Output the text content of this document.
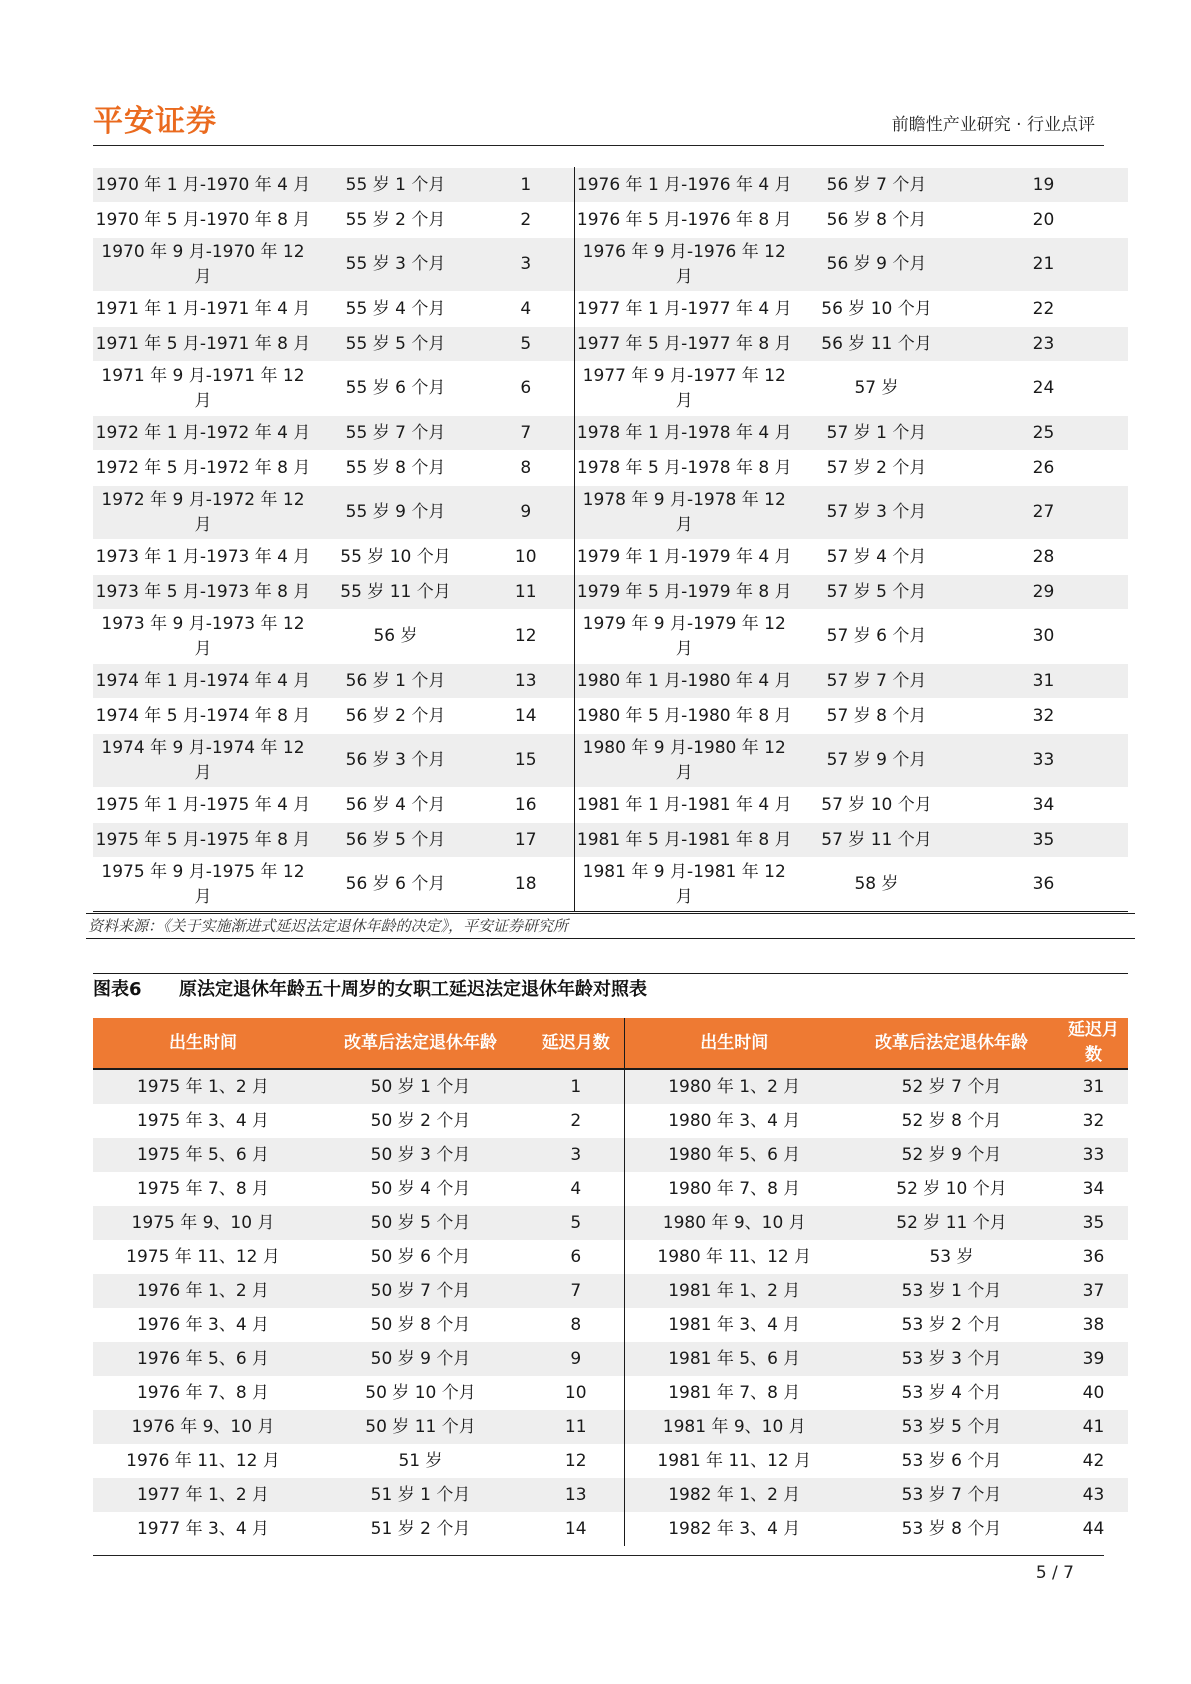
平安证券	前瞻性产业研究 · 行业点评
1970 年 1 月-1970 年 4 月	55 岁 1 个月	1	1976 年 1 月-1976 年 4 月	56 岁 7 个月	19
1970 年 5 月-1970 年 8 月	55 岁 2 个月	2	1976 年 5 月-1976 年 8 月	56 岁 8 个月	20
1970 年 9 月-1970 年 12 月	55 岁 3 个月	3	1976 年 9 月-1976 年 12 月	56 岁 9 个月	21
1971 年 1 月-1971 年 4 月	55 岁 4 个月	4	1977 年 1 月-1977 年 4 月	56 岁 10 个月	22
1971 年 5 月-1971 年 8 月	55 岁 5 个月	5	1977 年 5 月-1977 年 8 月	56 岁 11 个月	23
1971 年 9 月-1971 年 12 月	55 岁 6 个月	6	1977 年 9 月-1977 年 12 月	57 岁	24
1972 年 1 月-1972 年 4 月	55 岁 7 个月	7	1978 年 1 月-1978 年 4 月	57 岁 1 个月	25
1972 年 5 月-1972 年 8 月	55 岁 8 个月	8	1978 年 5 月-1978 年 8 月	57 岁 2 个月	26
1972 年 9 月-1972 年 12 月	55 岁 9 个月	9	1978 年 9 月-1978 年 12 月	57 岁 3 个月	27
1973 年 1 月-1973 年 4 月	55 岁 10 个月	10	1979 年 1 月-1979 年 4 月	57 岁 4 个月	28
1973 年 5 月-1973 年 8 月	55 岁 11 个月	11	1979 年 5 月-1979 年 8 月	57 岁 5 个月	29
1973 年 9 月-1973 年 12 月	56 岁	12	1979 年 9 月-1979 年 12 月	57 岁 6 个月	30
1974 年 1 月-1974 年 4 月	56 岁 1 个月	13	1980 年 1 月-1980 年 4 月	57 岁 7 个月	31
1974 年 5 月-1974 年 8 月	56 岁 2 个月	14	1980 年 5 月-1980 年 8 月	57 岁 8 个月	32
1974 年 9 月-1974 年 12 月	56 岁 3 个月	15	1980 年 9 月-1980 年 12 月	57 岁 9 个月	33
1975 年 1 月-1975 年 4 月	56 岁 4 个月	16	1981 年 1 月-1981 年 4 月	57 岁 10 个月	34
1975 年 5 月-1975 年 8 月	56 岁 5 个月	17	1981 年 5 月-1981 年 8 月	57 岁 11 个月	35
1975 年 9 月-1975 年 12 月	56 岁 6 个月	18	1981 年 9 月-1981 年 12 月	58 岁	36
资料来源：《关于实施渐进式延迟法定退休年龄的决定》，平安证券研究所
图表6 原法定退休年龄五十周岁的女职工延迟法定退休年龄对照表
出生时间	改革后法定退休年龄	延迟月数	出生时间	改革后法定退休年龄	延迟月数
1975 年 1、2 月	50 岁 1 个月	1	1980 年 1、2 月	52 岁 7 个月	31
1975 年 3、4 月	50 岁 2 个月	2	1980 年 3、4 月	52 岁 8 个月	32
1975 年 5、6 月	50 岁 3 个月	3	1980 年 5、6 月	52 岁 9 个月	33
1975 年 7、8 月	50 岁 4 个月	4	1980 年 7、8 月	52 岁 10 个月	34
1975 年 9、10 月	50 岁 5 个月	5	1980 年 9、10 月	52 岁 11 个月	35
1975 年 11、12 月	50 岁 6 个月	6	1980 年 11、12 月	53 岁	36
1976 年 1、2 月	50 岁 7 个月	7	1981 年 1、2 月	53 岁 1 个月	37
1976 年 3、4 月	50 岁 8 个月	8	1981 年 3、4 月	53 岁 2 个月	38
1976 年 5、6 月	50 岁 9 个月	9	1981 年 5、6 月	53 岁 3 个月	39
1976 年 7、8 月	50 岁 10 个月	10	1981 年 7、8 月	53 岁 4 个月	40
1976 年 9、10 月	50 岁 11 个月	11	1981 年 9、10 月	53 岁 5 个月	41
1976 年 11、12 月	51 岁	12	1981 年 11、12 月	53 岁 6 个月	42
1977 年 1、2 月	51 岁 1 个月	13	1982 年 1、2 月	53 岁 7 个月	43
1977 年 3、4 月	51 岁 2 个月	14	1982 年 3、4 月	53 岁 8 个月	44
5 / 7
